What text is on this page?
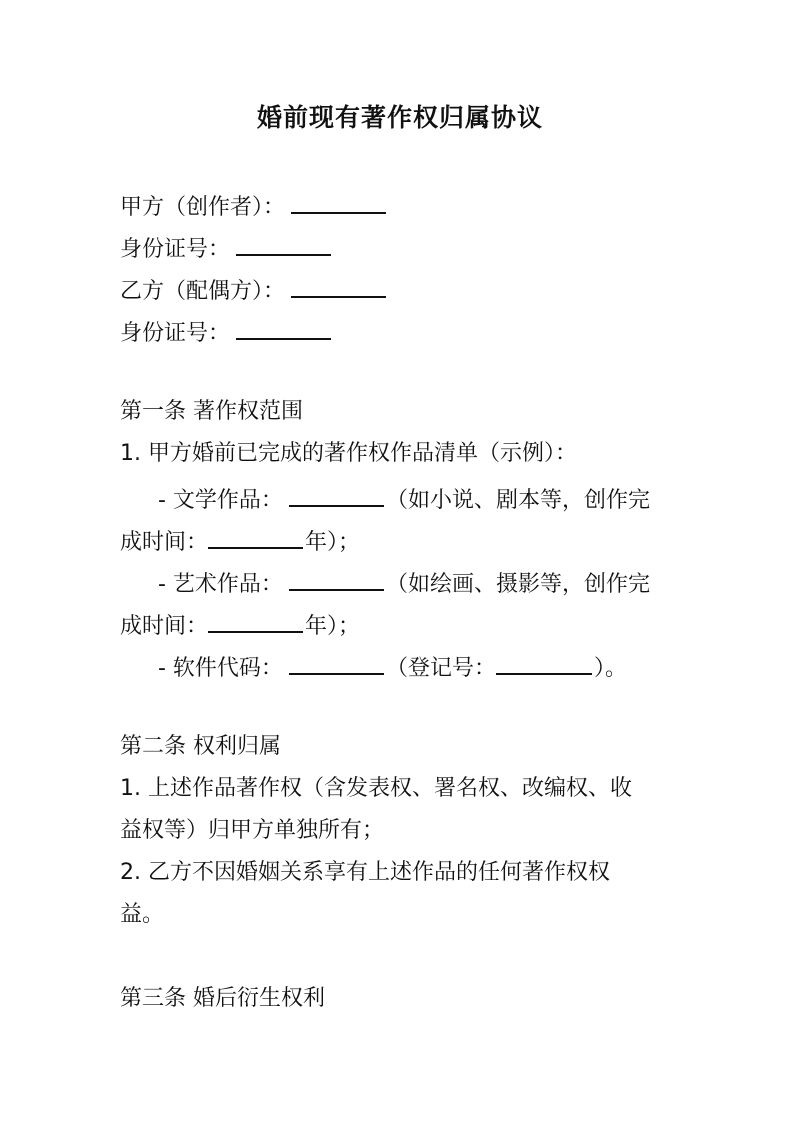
婚前现有著作权归属协议
甲方（创作者）：
身份证号：
乙方（配偶方）：
身份证号：
第一条 著作权范围
1. 甲方婚前已完成的著作权作品清单（示例）：
- 文学作品：	（如小说、剧本等，创作完
成时间：	年）；
- 艺术作品：	（如绘画、摄影等，创作完
成时间：	年）；
- 软件代码：	（登记号：	）。
第二条 权利归属
1. 上述作品著作权（含发表权、署名权、改编权、收
益权等）归甲方单独所有；
2. 乙方不因婚姻关系享有上述作品的任何著作权权
益。
第三条 婚后衍生权利
